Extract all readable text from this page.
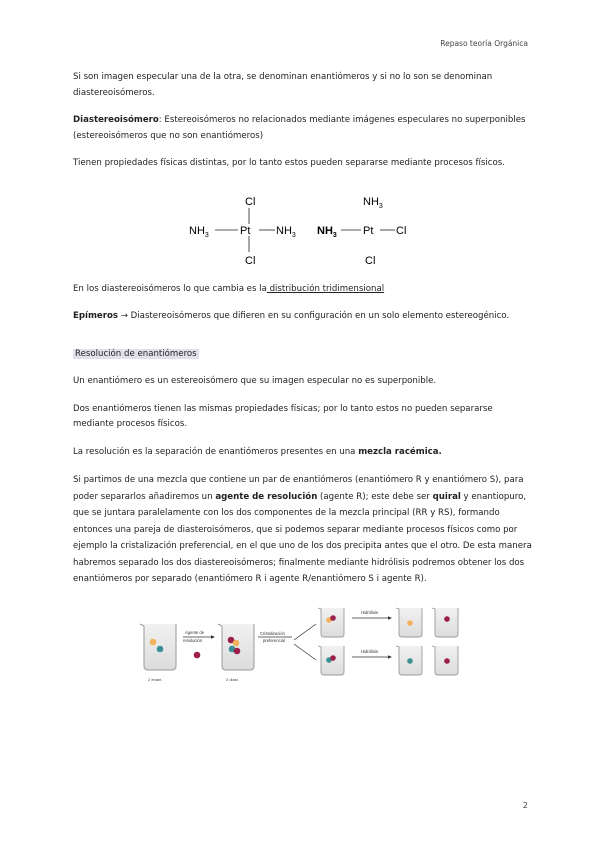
Repaso teoría Orgánica

Si son imagen especular una de la otra, se denominan enantiómeros y si no lo son se denominan diastereoisómeros.

Diastereoisómero: Estereoisómeros no relacionados mediante imágenes especulares no superponibles (estereoisómeros que no son enantiómeros)

Tienen propiedades físicas distintas, por lo tanto estos pueden separarse mediante procesos físicos.

Cl
$NH_3$	Pt $NH_3$
Cl
$NH_3$
$NH_3$ Pt Cl
Cl

En los diastereoisómeros lo que cambia es la distribución tridimensional

Epímeros → Diastereoisómeros que difieren en su configuración en un solo elemento estereogénico.

Resolución de enantiómeros

Un enantiómero es un estereoisómero que su imagen especular no es superponible.

Dos enantiómeros tienen las mismas propiedades físicas; por lo tanto estos no pueden separarse mediante procesos físicos.

La resolución es la separación de enantiómeros presentes en una mezcla racémica.

Si partimos de una mezcla que contiene un par de enantiómeros (enantiómero R y enantiómero S), para poder separarlos añadiremos un agente de resolución (agente R); este debe ser quiral y enantiopuro, que se juntara paralelamente con los dos componentes de la mezcla principal (RR y RS), formando entonces una pareja de diasteroisómeros, que si podemos separar mediante procesos físicos como por ejemplo la cristalización preferencial, en el que uno de los dos precipita antes que el otro. De esta manera habremos separado los dos diastereoisómeros; finalmente mediante hidrólisis podremos obtener los dos enantiómeros por separado (enantiómero R i agente R/enantiómero S i agente R).

2 enant.
Agente de
resolución
2 diast.
Cristalización
preferencial
Hidrólisis
Hidrólisis
2
